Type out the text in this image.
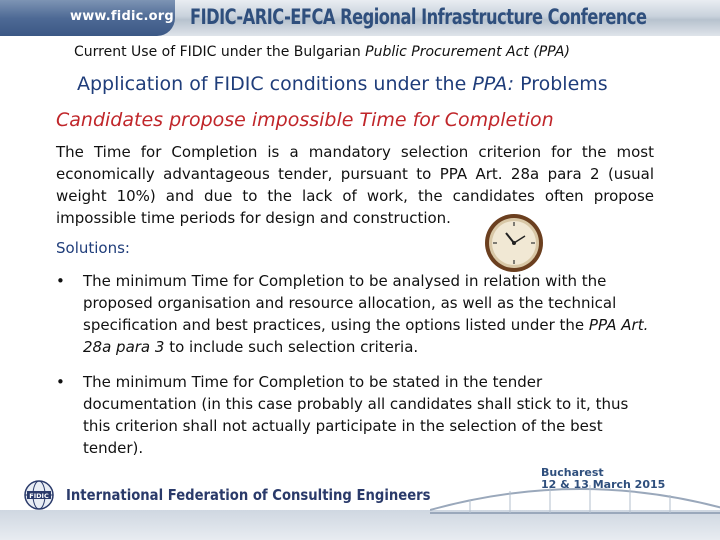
www.fidic.org FIDIC-ARIC-EFCA Regional Infrastructure Conference
Current Use of FIDIC under the Bulgarian Public Procurement Act (PPA)
Application of FIDIC conditions under the PPA: Problems
Candidates propose impossible Time for Completion
The Time for Completion is a mandatory selection criterion for the most economically advantageous tender, pursuant to PPA Art. 28a para 2 (usual weight 10%) and due to the lack of work, the candidates often propose impossible time periods for design and construction.
Solutions:
• The minimum Time for Completion to be analysed in relation with the proposed organisation and resource allocation, as well as the technical specification and best practices, using the options listed under the PPA Art. 28a para 3 to include such selection criteria.
• The minimum Time for Completion to be stated in the tender documentation (in this case probably all candidates shall stick to it, thus this criterion shall not actually participate in the selection of the best tender).
Bucharest
12 & 13 March 2015
FIDIC International Federation of Consulting Engineers
